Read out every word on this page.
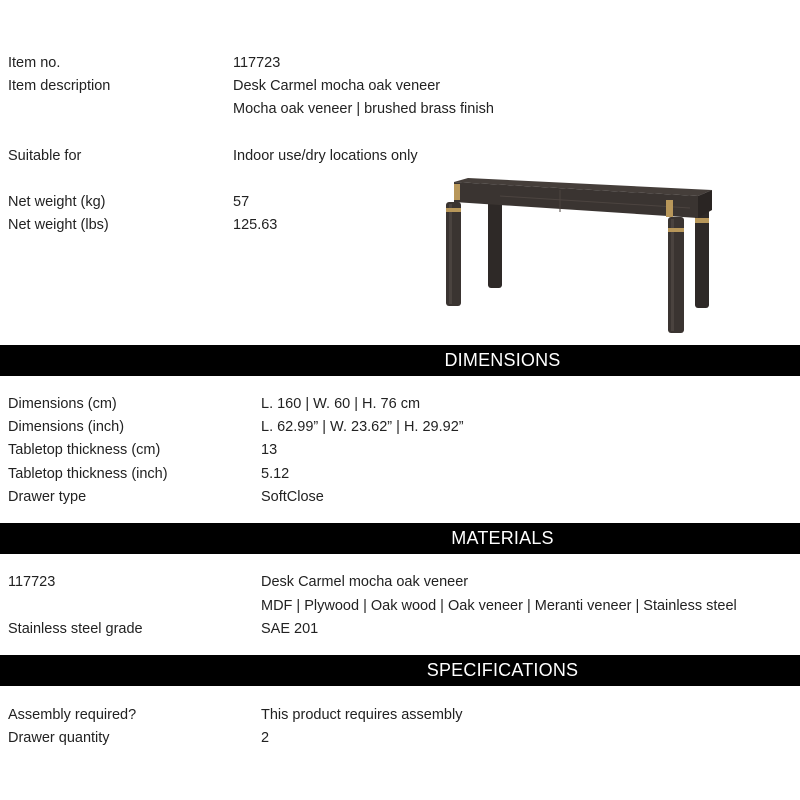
Item no.	117723
Item description	Desk Carmel mocha oak veneer
Mocha oak veneer | brushed brass finish
Suitable for	Indoor use/dry locations only
Net weight (kg)	57
Net weight (lbs)	125.63
DIMENSIONS
Dimensions (cm)	L. 160 | W. 60 | H. 76 cm
Dimensions (inch)	L. 62.99” | W. 23.62” | H. 29.92”
Tabletop thickness (cm)	13
Tabletop thickness (inch)	5.12
Drawer type	SoftClose
MATERIALS
117723	Desk Carmel mocha oak veneer
MDF | Plywood | Oak wood | Oak veneer | Meranti veneer | Stainless steel
Stainless steel grade	SAE 201
SPECIFICATIONS
Assembly required?	This product requires assembly
Drawer quantity	2
